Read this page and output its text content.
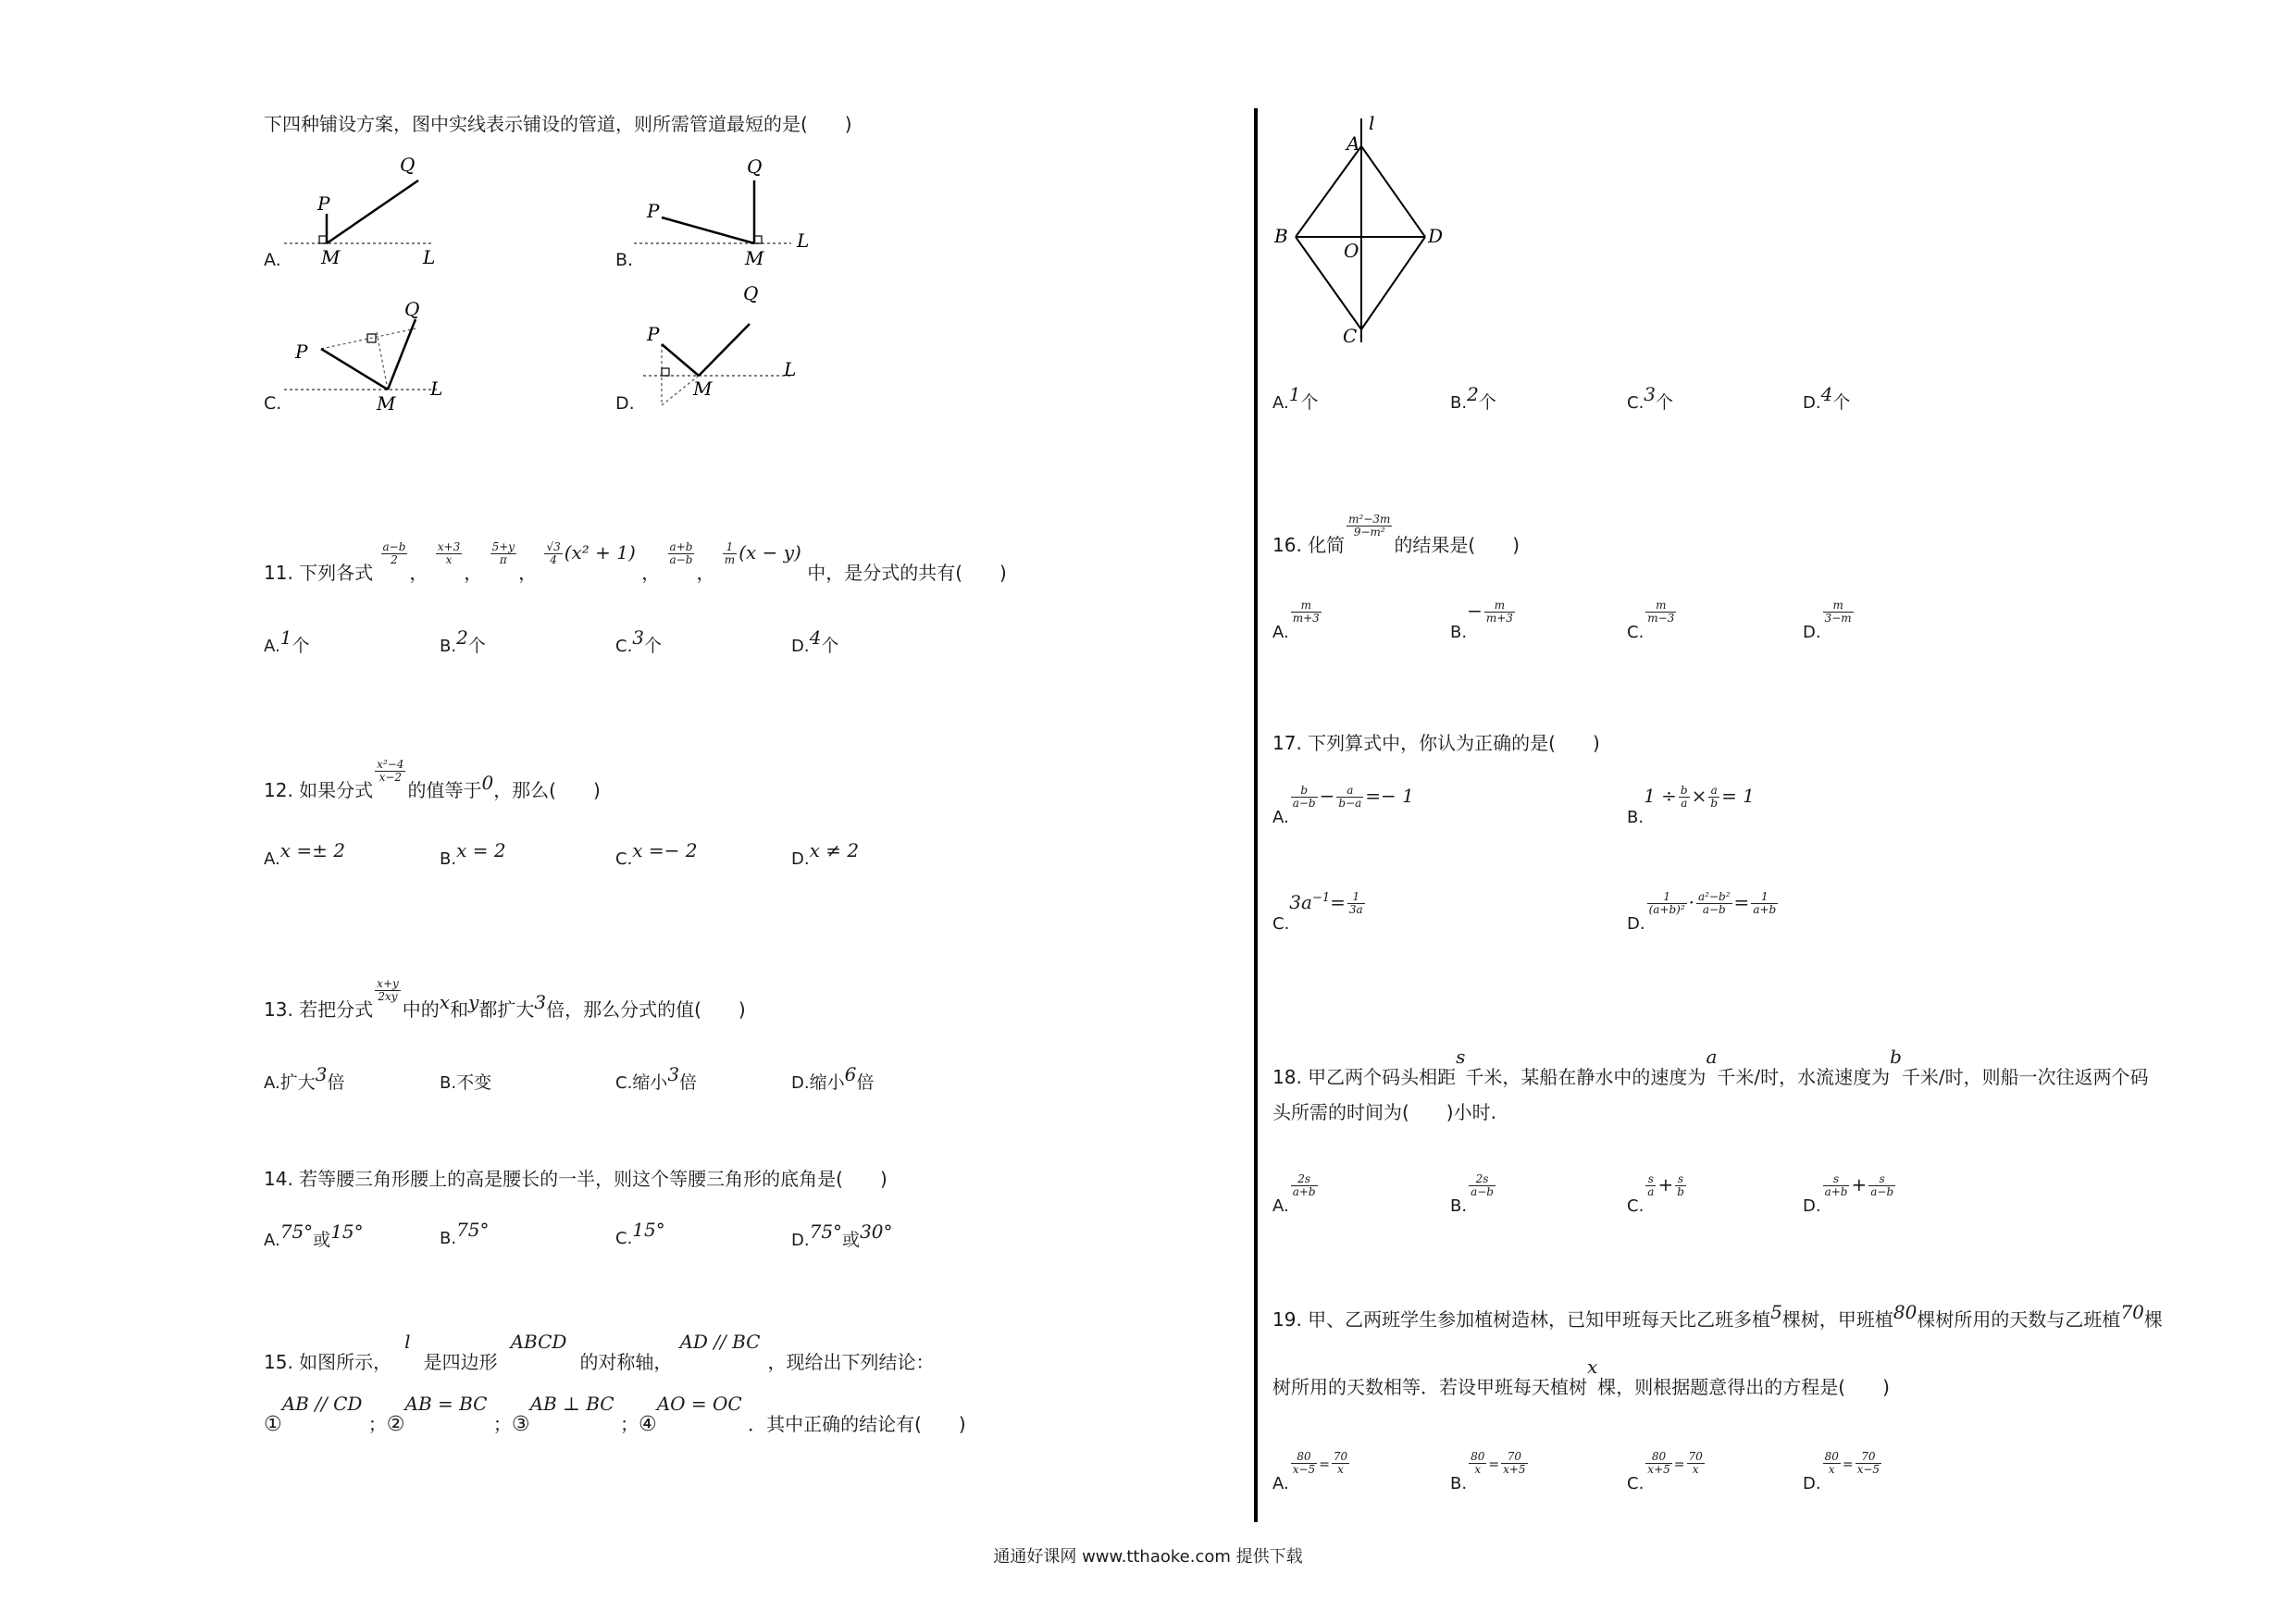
下四种铺设方案，图中实线表示铺设的管道，则所需管道最短的是(　　)
A.
P
Q
M	L	B.
P
Q
M
L
C.
P
Q
M
L
D.
P
Q
M
L
11. 下列各式
$\frac{a-b}{2}$
，
$\frac{x+3}{x}$
，
$\frac{5+y}{\pi}$
，
$\frac{√3}{4} (x^2 + 1)$ ，
$\frac{a+b}{a-b}$
，
$\frac{1}{m} (x - y)$ 中，是分式的共有(　　)
A.1个	B.2个	C.3个	D.4个
12. 如果分式
$\frac{\text{x²−4}}{x-2}$
的值等于0，那么(　　)
A.x =± 2	B.x = 2	C.x =− 2	D.x ≠ 2
13. 若把分式
$\frac{x+y}{2xy}$
中的x和y都扩大3倍，那么分式的值(　　)
A.扩大3倍	B.不变	C.缩小3倍	D.缩小6倍
14. 若等腰三角形腰上的高是腰长的一半，则这个等腰三角形的底角是(　　)
A.75°或15°	B.75°	C.15°	D.75°或30°
15. 如图所示，l是四边形ABCD的对称轴，AD // BC，现给出下列结论：
①AB // CD ；②AB = BC ；③AB ⊥ BC ；④AO = OC ．其中正确的结论有(　　)
l
A
B	D
O
C
A.1个	B.2个	C.3个	D.4个
16. 化简
$\frac{\text{m²−3m}}{\text{9−m²}}$
的结果是(　　)
A.
$\frac{m}{m+3}$
$B.- \frac{m}{m+3}$
C.
$\frac{m}{m-3}$
D.
$\frac{m}{3-m}$
17. 下列算式中，你认为正确的是(　　)
A.
$\frac{b}{a-b} - \frac{a}{b-a} =- 1$
$B.1 \div \frac{b}{a} \times \frac{a}{b} = 1$
$C.3a^{-1}= \frac{1}{3a}$
D.
$\frac{1}{\text{(a+b)²}} \cdot \frac{\text{a²−b²}}{a-b} = \frac{1}{a+b}$
18. 甲乙两个码头相距s千米，某船在静水中的速度为a千米/时，水流速度为b千米/时，则船一次往返两个码
头所需的时间为(　　)小时.
A.
$\frac{2s}{a+b}$
B.
$\frac{2s}{a-b}$
C.
$\frac{s}{a} + \frac{s}{b}$
D.
$\frac{s}{a+b} + \frac{s}{a-b}$
19. 甲、乙两班学生参加植树造林，已知甲班每天比乙班多植5棵树，甲班植80棵树所用的天数与乙班植70棵
树所用的天数相等．若设甲班每天植树x棵，则根据题意得出的方程是(　　)
A.
$\frac{80}{x-5} = \frac{70}{x}$
B.
$\frac{80}{x} = \frac{70}{x+5}$
C.
$\frac{80}{x+5} = \frac{70}{x}$
D.
$\frac{80}{x} = \frac{70}{x-5}$
通通好课网 www.tthaoke.com 提供下载
